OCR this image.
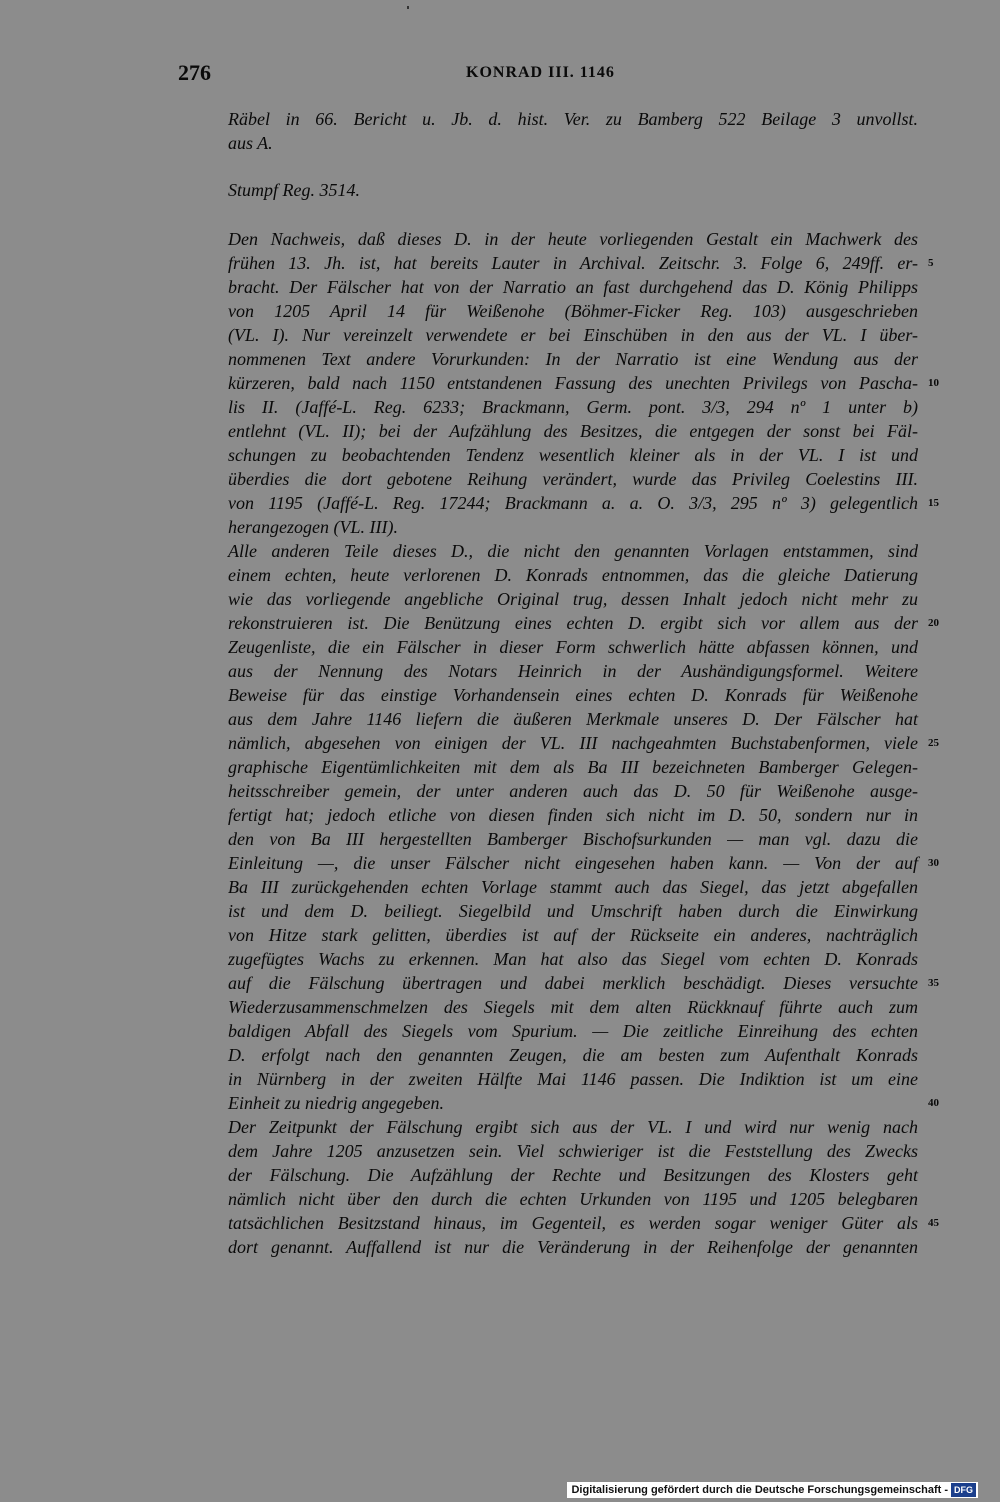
276	KONRAD III. 1146
Räbel in 66. Bericht u. Jb. d. hist. Ver. zu Bamberg 522 Beilage 3 unvollst.
aus A.
Stumpf Reg. 3514.
Den Nachweis, daß dieses D. in der heute vorliegenden Gestalt ein Machwerk des
frühen 13. Jh. ist, hat bereits Lauter in Archival. Zeitschr. 3. Folge 6, 249ff. er-
bracht. Der Fälscher hat von der Narratio an fast durchgehend das D. König Philipps
von 1205 April 14 für Weißenohe (Böhmer-Ficker Reg. 103) ausgeschrieben
(VL. I). Nur vereinzelt verwendete er bei Einschüben in den aus der VL. I über-
nommenen Text andere Vorurkunden: In der Narratio ist eine Wendung aus der
kürzeren, bald nach 1150 entstandenen Fassung des unechten Privilegs von Pascha-
lis II. (Jaffé-L. Reg. 6233; Brackmann, Germ. pont. 3/3, 294 nº 1 unter b)
entlehnt (VL. II); bei der Aufzählung des Besitzes, die entgegen der sonst bei Fäl-
schungen zu beobachtenden Tendenz wesentlich kleiner als in der VL. I ist und
überdies die dort gebotene Reihung verändert, wurde das Privileg Coelestins III.
von 1195 (Jaffé-L. Reg. 17244; Brackmann a. a. O. 3/3, 295 nº 3) gelegentlich
herangezogen (VL. III).
Alle anderen Teile dieses D., die nicht den genannten Vorlagen entstammen, sind
einem echten, heute verlorenen D. Konrads entnommen, das die gleiche Datierung
wie das vorliegende angebliche Original trug, dessen Inhalt jedoch nicht mehr zu
rekonstruieren ist. Die Benützung eines echten D. ergibt sich vor allem aus der
Zeugenliste, die ein Fälscher in dieser Form schwerlich hätte abfassen können, und
aus der Nennung des Notars Heinrich in der Aushändigungsformel. Weitere
Beweise für das einstige Vorhandensein eines echten D. Konrads für Weißenohe
aus dem Jahre 1146 liefern die äußeren Merkmale unseres D. Der Fälscher hat
nämlich, abgesehen von einigen der VL. III nachgeahmten Buchstabenformen, viele
graphische Eigentümlichkeiten mit dem als Ba III bezeichneten Bamberger Gelegen-
heitsschreiber gemein, der unter anderen auch das D. 50 für Weißenohe ausge-
fertigt hat; jedoch etliche von diesen finden sich nicht im D. 50, sondern nur in
den von Ba III hergestellten Bamberger Bischofsurkunden — man vgl. dazu die
Einleitung —, die unser Fälscher nicht eingesehen haben kann. — Von der auf
Ba III zurückgehenden echten Vorlage stammt auch das Siegel, das jetzt abgefallen
ist und dem D. beiliegt. Siegelbild und Umschrift haben durch die Einwirkung
von Hitze stark gelitten, überdies ist auf der Rückseite ein anderes, nachträglich
zugefügtes Wachs zu erkennen. Man hat also das Siegel vom echten D. Konrads
auf die Fälschung übertragen und dabei merklich beschädigt. Dieses versuchte
Wiederzusammenschmelzen des Siegels mit dem alten Rückknauf führte auch zum
baldigen Abfall des Siegels vom Spurium. — Die zeitliche Einreihung des echten
D. erfolgt nach den genannten Zeugen, die am besten zum Aufenthalt Konrads
in Nürnberg in der zweiten Hälfte Mai 1146 passen. Die Indiktion ist um eine
Einheit zu niedrig angegeben.
Der Zeitpunkt der Fälschung ergibt sich aus der VL. I und wird nur wenig nach
dem Jahre 1205 anzusetzen sein. Viel schwieriger ist die Feststellung des Zwecks
der Fälschung. Die Aufzählung der Rechte und Besitzungen des Klosters geht
nämlich nicht über den durch die echten Urkunden von 1195 und 1205 belegbaren
tatsächlichen Besitzstand hinaus, im Gegenteil, es werden sogar weniger Güter als
dort genannt. Auffallend ist nur die Veränderung in der Reihenfolge der genannten
5
10
15
20
25
30
35
40
45
Digitalisierung gefördert durch die Deutsche Forschungsgemeinschaft - DFG
